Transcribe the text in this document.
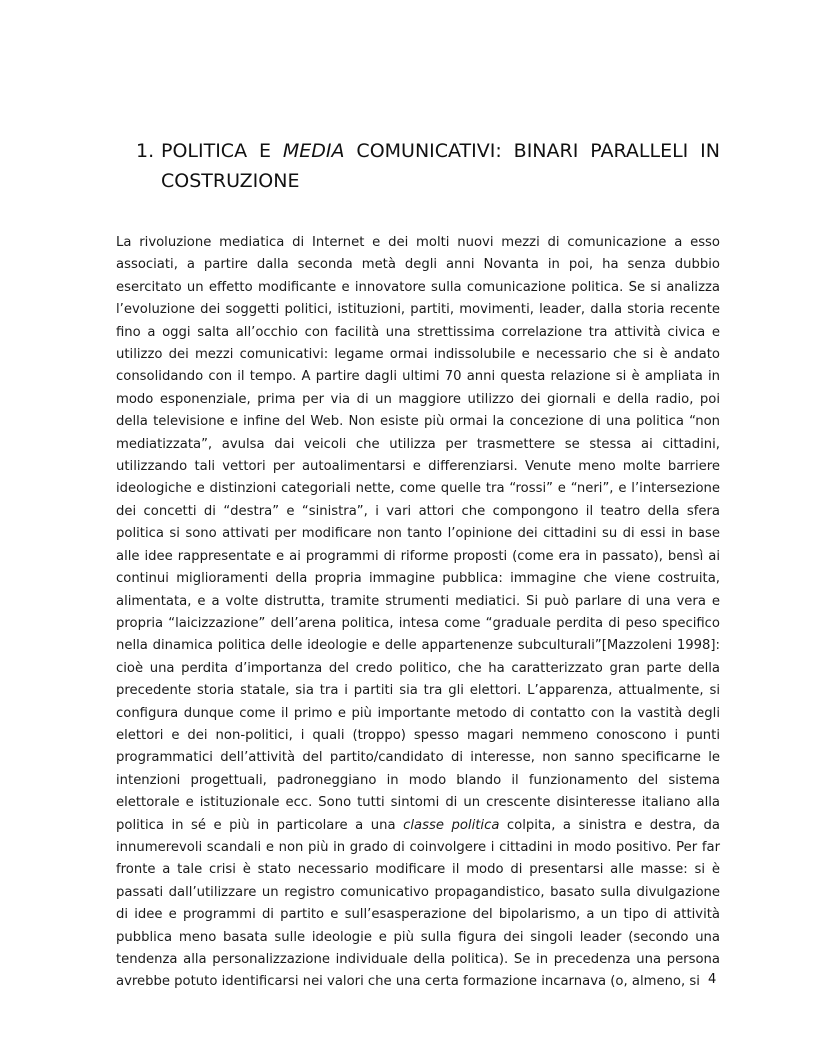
1. POLITICA E MEDIA COMUNICATIVI: BINARI PARALLELI IN COSTRUZIONE

La rivoluzione mediatica di Internet e dei molti nuovi mezzi di comunicazione a esso associati, a partire dalla seconda metà degli anni Novanta in poi, ha senza dubbio esercitato un effetto modificante e innovatore sulla comunicazione politica. Se si analizza l’evoluzione dei soggetti politici, istituzioni, partiti, movimenti, leader, dalla storia recente fino a oggi salta all’occhio con facilità una strettissima correlazione tra attività civica e utilizzo dei mezzi comunicativi: legame ormai indissolubile e necessario che si è andato consolidando con il tempo. A partire dagli ultimi 70 anni questa relazione si è ampliata in modo esponenziale, prima per via di un maggiore utilizzo dei giornali e della radio, poi della televisione e infine del Web. Non esiste più ormai la concezione di una politica “non mediatizzata”, avulsa dai veicoli che utilizza per trasmettere se stessa ai cittadini, utilizzando tali vettori per autoalimentarsi e differenziarsi. Venute meno molte barriere ideologiche e distinzioni categoriali nette, come quelle tra “rossi” e “neri”, e l’intersezione dei concetti di “destra” e “sinistra”, i vari attori che compongono il teatro della sfera politica si sono attivati per modificare non tanto l’opinione dei cittadini su di essi in base alle idee rappresentate e ai programmi di riforme proposti (come era in passato), bensì ai continui miglioramenti della propria immagine pubblica: immagine che viene costruita, alimentata, e a volte distrutta, tramite strumenti mediatici. Si può parlare di una vera e propria “laicizzazione” dell’arena politica, intesa come “graduale perdita di peso specifico nella dinamica politica delle ideologie e delle appartenenze subculturali”[Mazzoleni 1998]: cioè una perdita d’importanza del credo politico, che ha caratterizzato gran parte della precedente storia statale, sia tra i partiti sia tra gli elettori. L’apparenza, attualmente, si configura dunque come il primo e più importante metodo di contatto con la vastità degli elettori e dei non-politici, i quali (troppo) spesso magari nemmeno conoscono i punti programmatici dell’attività del partito/candidato di interesse, non sanno specificarne le intenzioni progettuali, padroneggiano in modo blando il funzionamento del sistema elettorale e istituzionale ecc. Sono tutti sintomi di un crescente disinteresse italiano alla politica in sé e più in particolare a una classe politica colpita, a sinistra e destra, da innumerevoli scandali e non più in grado di coinvolgere i cittadini in modo positivo. Per far fronte a tale crisi è stato necessario modificare il modo di presentarsi alle masse: si è passati dall’utilizzare un registro comunicativo propagandistico, basato sulla divulgazione di idee e programmi di partito e sull’esasperazione del bipolarismo, a un tipo di attività pubblica meno basata sulle ideologie e più sulla figura dei singoli leader (secondo una tendenza alla personalizzazione individuale della politica). Se in precedenza una persona avrebbe potuto identificarsi nei valori che una certa formazione incarnava (o, almeno, si 4
